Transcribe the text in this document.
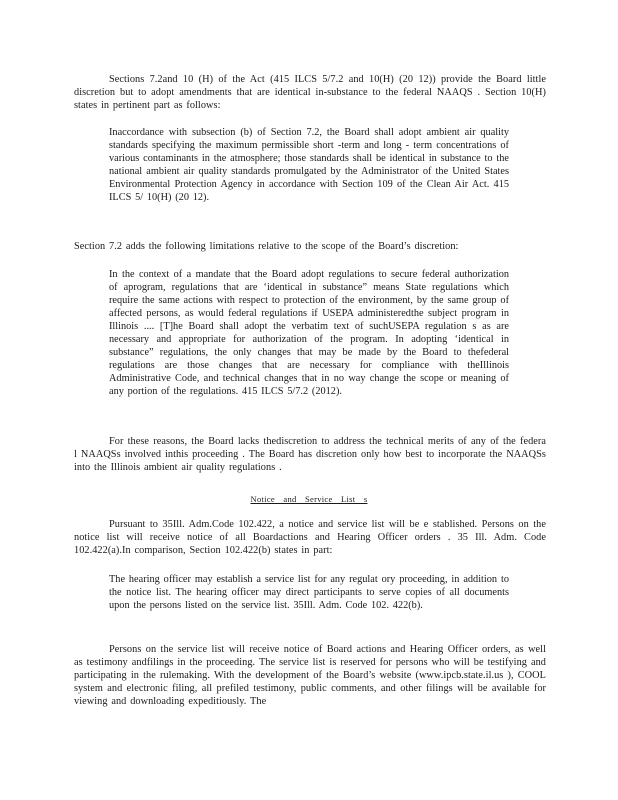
Sections 7.2and 10 (H) of the Act (415 ILCS 5/7.2 and 10(H) (20 12)) provide the Board little discretion but to adopt amendments that are identical in-substance to the federal NAAQS . Section 10(H) states in pertinent part as follows:

Inaccordance with subsection (b) of Section 7.2, the Board shall adopt ambient air quality standards specifying the maximum permissible short -term and long - term concentrations of various contaminants in the atmosphere; those standards shall be identical in substance to the national ambient air quality standards promulgated by the Administrator of the United States Environmental Protection Agency in accordance with Section 109 of the Clean Air Act. 415 ILCS 5/ 10(H) (20 12).

Section 7.2 adds the following limitations relative to the scope of the Board’s discretion:

In the context of a mandate that the Board adopt regulations to secure federal authorization of aprogram, regulations that are ‘identical in substance” means State regulations which require the same actions with respect to protection of the environment, by the same group of affected persons, as would federal regulations if USEPA administeredthe subject program in Illinois .... [T]he Board shall adopt the verbatim text of suchUSEPA regulation s as are necessary and appropriate for authorization of the program. In adopting ‘identical in substance” regulations, the only changes that may be made by the Board to thefederal regulations are those changes that are necessary for compliance with theIllinois Administrative Code, and technical changes that in no way change the scope or meaning of any portion of the regulations. 415 ILCS 5/7.2 (2012).

For these reasons, the Board lacks thediscretion to address the technical merits of any of the federa l NAAQSs involved inthis proceeding . The Board has discretion only how best to incorporate the NAAQSs into the Illinois ambient air quality regulations .

Notice and Service List s

Pursuant to 35Ill. Adm.Code 102.422, a notice and service list will be e stablished. Persons on the notice list will receive notice of all Boardactions and Hearing Officer orders . 35 Ill. Adm. Code 102.422(a).In comparison, Section 102.422(b) states in part:

The hearing officer may establish a service list for any regulat ory proceeding, in addition to the notice list. The hearing officer may direct participants to serve copies of all documents upon the persons listed on the service list. 35Ill. Adm. Code 102. 422(b).

Persons on the service list will receive notice of Board actions and Hearing Officer orders, as well as testimony andfilings in the proceeding. The service list is reserved for persons who will be testifying and participating in the rulemaking. With the development of the Board’s website (www.ipcb.state.il.us ), COOL system and electronic filing, all prefiled testimony, public comments, and other filings will be available for viewing and downloading expeditiously. The
